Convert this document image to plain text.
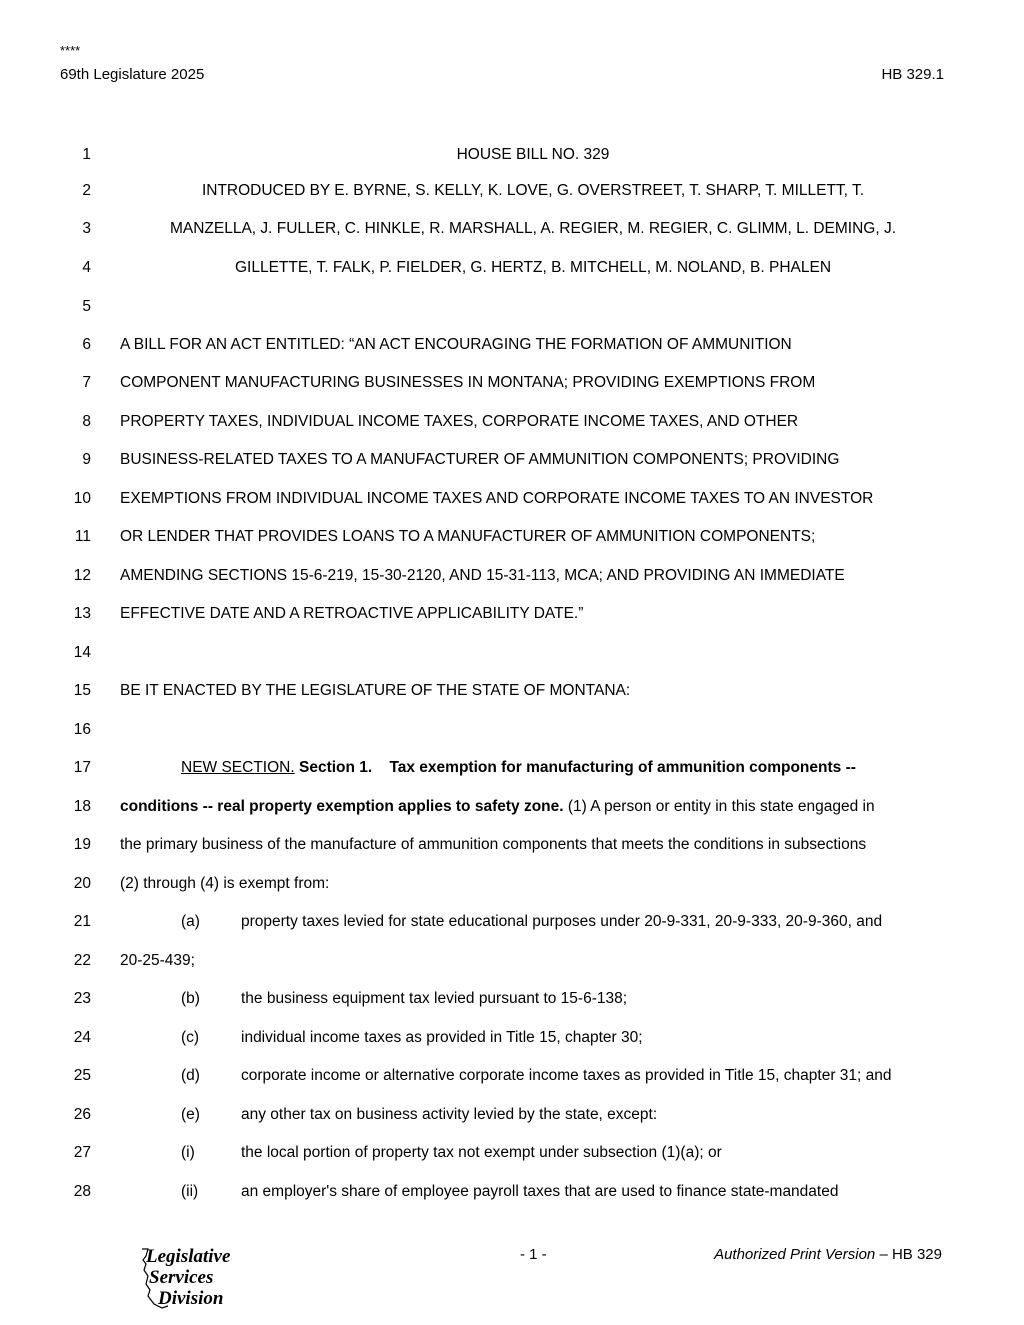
****
69th Legislature 2025	HB 329.1
1	HOUSE BILL NO. 329
2	INTRODUCED BY E. BYRNE, S. KELLY, K. LOVE, G. OVERSTREET, T. SHARP, T. MILLETT, T.
3	MANZELLA, J. FULLER, C. HINKLE, R. MARSHALL, A. REGIER, M. REGIER, C. GLIMM, L. DEMING, J.
4	GILLETTE, T. FALK, P. FIELDER, G. HERTZ, B. MITCHELL, M. NOLAND, B. PHALEN
5
6 A BILL FOR AN ACT ENTITLED: “AN ACT ENCOURAGING THE FORMATION OF AMMUNITION
7 COMPONENT MANUFACTURING BUSINESSES IN MONTANA; PROVIDING EXEMPTIONS FROM
8 PROPERTY TAXES, INDIVIDUAL INCOME TAXES, CORPORATE INCOME TAXES, AND OTHER
9 BUSINESS-RELATED TAXES TO A MANUFACTURER OF AMMUNITION COMPONENTS; PROVIDING
10 EXEMPTIONS FROM INDIVIDUAL INCOME TAXES AND CORPORATE INCOME TAXES TO AN INVESTOR
11 OR LENDER THAT PROVIDES LOANS TO A MANUFACTURER OF AMMUNITION COMPONENTS;
12 AMENDING SECTIONS 15-6-219, 15-30-2120, AND 15-31-113, MCA; AND PROVIDING AN IMMEDIATE
13 EFFECTIVE DATE AND A RETROACTIVE APPLICABILITY DATE.”
14
15 BE IT ENACTED BY THE LEGISLATURE OF THE STATE OF MONTANA:
16
17	NEW SECTION. Section 1. Tax exemption for manufacturing of ammunition components --
18 conditions -- real property exemption applies to safety zone. (1) A person or entity in this state engaged in
19 the primary business of the manufacture of ammunition components that meets the conditions in subsections
20 (2) through (4) is exempt from:
21	(a)	property taxes levied for state educational purposes under 20-9-331, 20-9-333, 20-9-360, and
22 20-25-439;
23	(b)	the business equipment tax levied pursuant to 15-6-138;
24	(c)	individual income taxes as provided in Title 15, chapter 30;
25	(d)	corporate income or alternative corporate income taxes as provided in Title 15, chapter 31; and
26	(e)	any other tax on business activity levied by the state, except:
27	(i)	the local portion of property tax not exempt under subsection (1)(a); or
28	(ii)	an employer's share of employee payroll taxes that are used to finance state-mandated
Legislative
Services
Division
- 1 -	Authorized Print Version – HB 329
